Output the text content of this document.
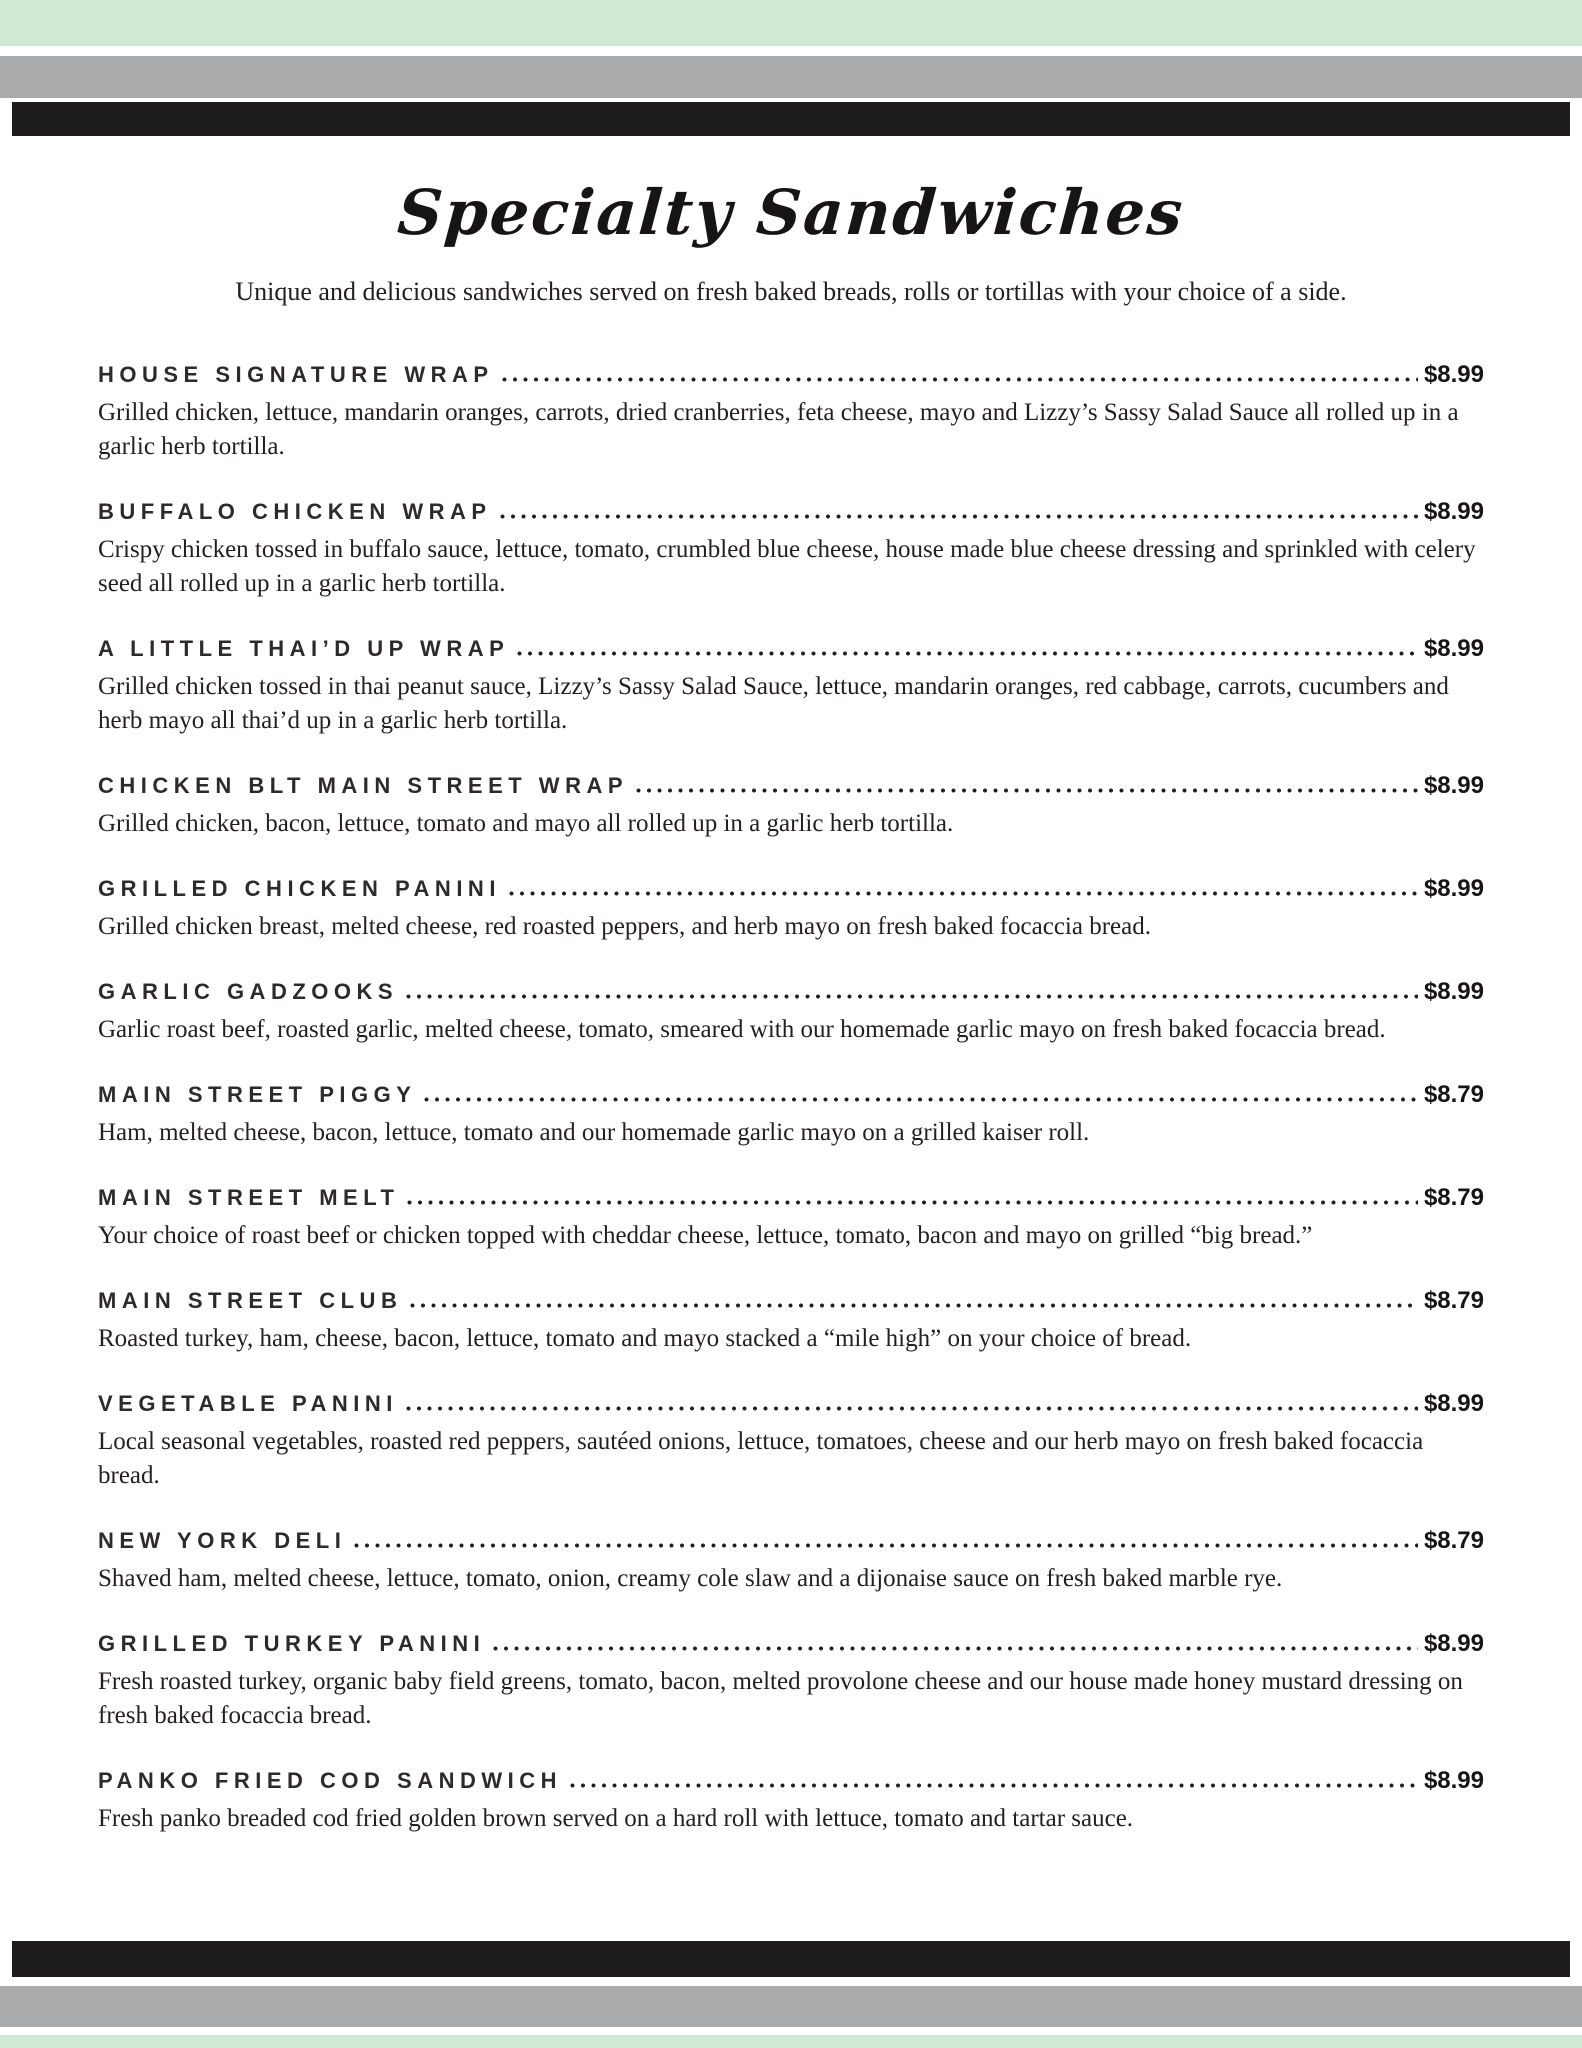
Specialty Sandwiches

Unique and delicious sandwiches served on fresh baked breads, rolls or tortillas with your choice of a side.

HOUSE SIGNATURE WRAP	$8.99

Grilled chicken, lettuce, mandarin oranges, carrots, dried cranberries, feta cheese, mayo and Lizzy’s Sassy Salad Sauce all rolled up in a garlic herb tortilla.

BUFFALO CHICKEN WRAP	$8.99

Crispy chicken tossed in buffalo sauce, lettuce, tomato, crumbled blue cheese, house made blue cheese dressing and sprinkled with celery seed all rolled up in a garlic herb tortilla.

A LITTLE THAI’D UP WRAP	$8.99

Grilled chicken tossed in thai peanut sauce, Lizzy’s Sassy Salad Sauce, lettuce, mandarin oranges, red cabbage, carrots, cucumbers and herb mayo all thai’d up in a garlic herb tortilla.

CHICKEN BLT MAIN STREET WRAP	$8.99

Grilled chicken, bacon, lettuce, tomato and mayo all rolled up in a garlic herb tortilla.

GRILLED CHICKEN PANINI	$8.99

Grilled chicken breast, melted cheese, red roasted peppers, and herb mayo on fresh baked focaccia bread.

GARLIC GADZOOKS	$8.99

Garlic roast beef, roasted garlic, melted cheese, tomato, smeared with our homemade garlic mayo on fresh baked focaccia bread.

MAIN STREET PIGGY	$8.79

Ham, melted cheese, bacon, lettuce, tomato and our homemade garlic mayo on a grilled kaiser roll.

MAIN STREET MELT	$8.79

Your choice of roast beef or chicken topped with cheddar cheese, lettuce, tomato, bacon and mayo on grilled “big bread.”

MAIN STREET CLUB	$8.79

Roasted turkey, ham, cheese, bacon, lettuce, tomato and mayo stacked a “mile high” on your choice of bread.

VEGETABLE PANINI	$8.99

Local seasonal vegetables, roasted red peppers, sautéed onions, lettuce, tomatoes, cheese and our herb mayo on fresh baked focaccia bread.

NEW YORK DELI	$8.79

Shaved ham, melted cheese, lettuce, tomato, onion, creamy cole slaw and a dijonaise sauce on fresh baked marble rye.

GRILLED TURKEY PANINI	$8.99

Fresh roasted turkey, organic baby field greens, tomato, bacon, melted provolone cheese and our house made honey mustard dressing on fresh baked focaccia bread.

PANKO FRIED COD SANDWICH	$8.99

Fresh panko breaded cod fried golden brown served on a hard roll with lettuce, tomato and tartar sauce.
